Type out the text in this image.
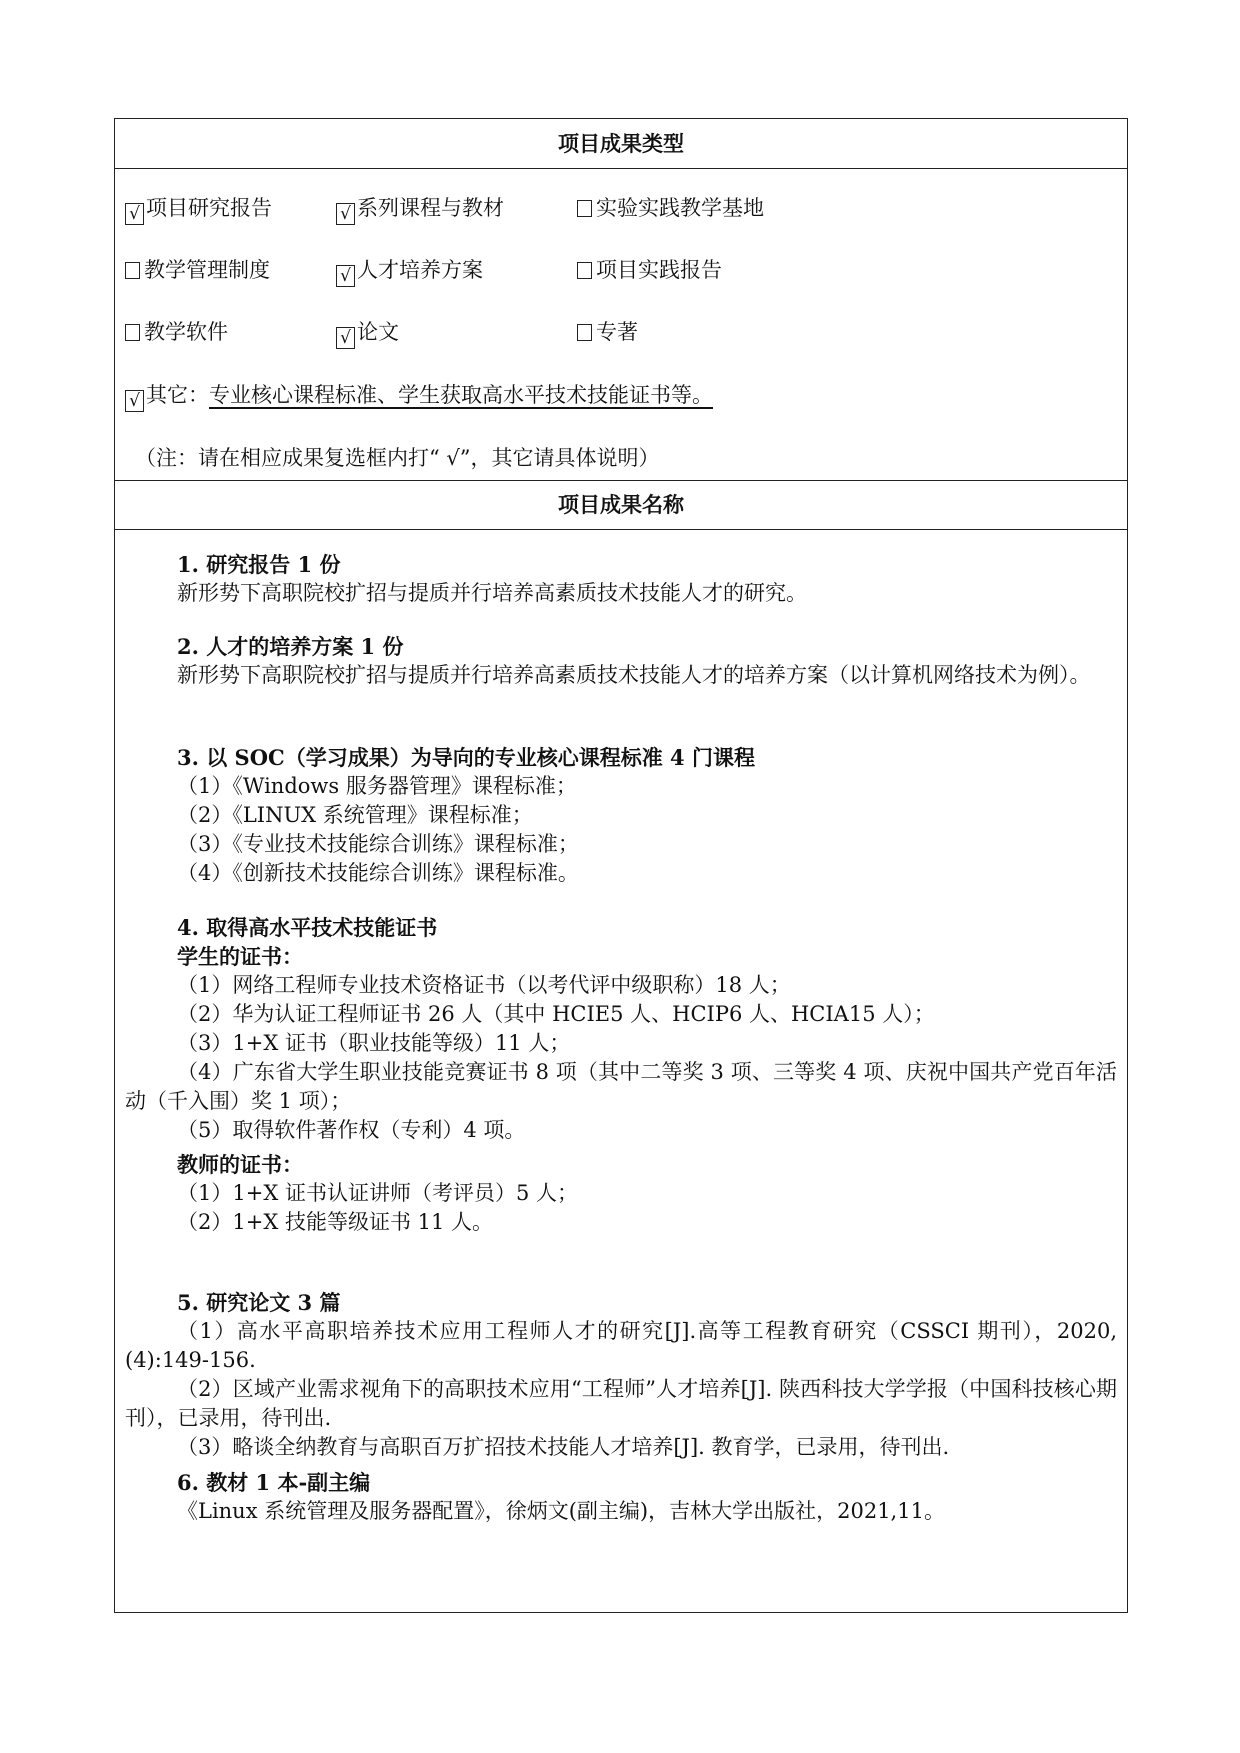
项目成果类型
√ 项目研究报告	√ 系列课程与教材	实验实践教学基地
教学管理制度	√ 人才培养方案	项目实践报告
教学软件	√ 论文	专著
√ 其它：专业核心课程标准、学生获取高水平技术技能证书等。
（注：请在相应成果复选框内打“ √”，其它请具体说明）
项目成果名称
1. 研究报告 1 份
新形势下高职院校扩招与提质并行培养高素质技术技能人才的研究。
2. 人才的培养方案 1 份
新形势下高职院校扩招与提质并行培养高素质技术技能人才的培养方案（以计算机网络技术为例）。
3. 以 SOC（学习成果）为导向的专业核心课程标准 4 门课程
（1）《Windows 服务器管理》课程标准；
（2）《LINUX 系统管理》课程标准；
（3）《专业技术技能综合训练》课程标准；
（4）《创新技术技能综合训练》课程标准。
4. 取得高水平技术技能证书
学生的证书：
（1）网络工程师专业技术资格证书（以考代评中级职称）18 人；
（2）华为认证工程师证书 26 人（其中 HCIE5 人、HCIP6 人、HCIA15 人）；
（3）1+X 证书（职业技能等级）11 人；
（4）广东省大学生职业技能竞赛证书 8 项（其中二等奖 3 项、三等奖 4 项、庆祝中国共产党百年活动（千入围）奖 1 项）；
（5）取得软件著作权（专利）4 项。
教师的证书：
（1）1+X 证书认证讲师（考评员）5 人；
（2）1+X 技能等级证书 11 人。
5. 研究论文 3 篇
（1）高水平高职培养技术应用工程师人才的研究[J].高等工程教育研究（CSSCI 期刊），2020,(4):149-156.
（2）区域产业需求视角下的高职技术应用“工程师”人才培养[J]. 陕西科技大学学报（中国科技核心期刊），已录用，待刊出.
（3）略谈全纳教育与高职百万扩招技术技能人才培养[J]. 教育学，已录用，待刊出.
6. 教材 1 本-副主编
《Linux 系统管理及服务器配置》，徐炳文(副主编)，吉林大学出版社，2021,11。
